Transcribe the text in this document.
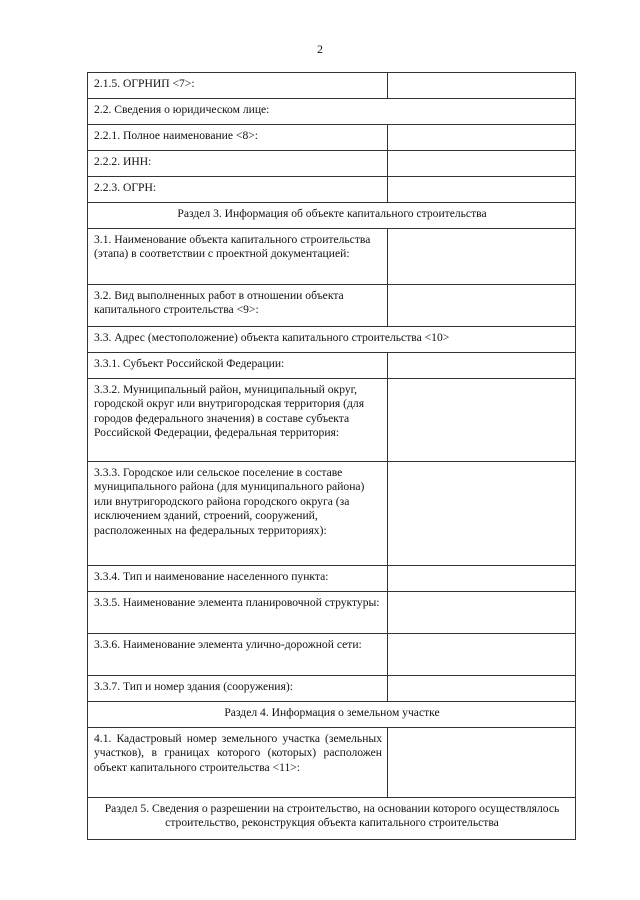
2
2.1.5. ОГРНИП <7>:	
2.2. Сведения о юридическом лице:	
2.2.1. Полное наименование <8>:	
2.2.2. ИНН:	
2.2.3. ОГРН:	
Раздел 3. Информация об объекте капитального строительства	
3.1. Наименование объекта капитального строительства (этапа) в соответствии с проектной документацией:	
3.2. Вид выполненных работ в отношении объекта капитального строительства <9>:	
3.3. Адрес (местоположение) объекта капитального строительства <10>	
3.3.1. Субъект Российской Федерации:	
3.3.2. Муниципальный район, муниципальный округ, городской округ или внутригородская территория (для городов федерального значения) в составе субъекта Российской Федерации, федеральная территория:	
3.3.3. Городское или сельское поселение в составе муниципального района (для муниципального района) или внутригородского района городского округа (за исключением зданий, строений, сооружений, расположенных на федеральных территориях):	
3.3.4. Тип и наименование населенного пункта:	
3.3.5. Наименование элемента планировочной структуры:	
3.3.6. Наименование элемента улично-дорожной сети:	
3.3.7. Тип и номер здания (сооружения):	
Раздел 4. Информация о земельном участке	
4.1. Кадастровый номер земельного участка (земельных участков), в границах которого (которых) расположен объект капитального строительства <11>:	
Раздел 5. Сведения о разрешении на строительство, на основании которого осуществлялось строительство, реконструкция объекта капитального строительства	
